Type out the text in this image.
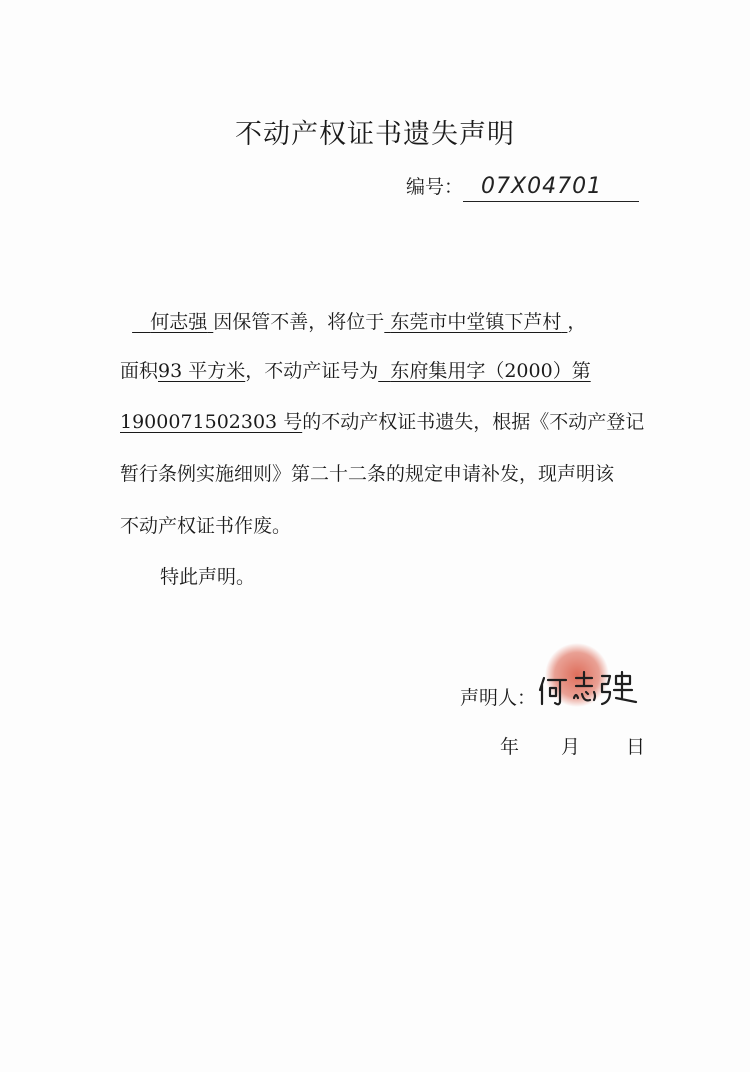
不动产权证书遗失声明
编号： 07X04701
何志强 因保管不善，将位于 东莞市中堂镇下芦村 ，
面积93 平方米，不动产证号为 东府集用字（2000）第
1900071502303 号的不动产权证书遗失，根据《不动产登记
暂行条例实施细则》第二十二条的规定申请补发，现声明该
不动产权证书作废。
特此声明。
声明人：
年 月 日
